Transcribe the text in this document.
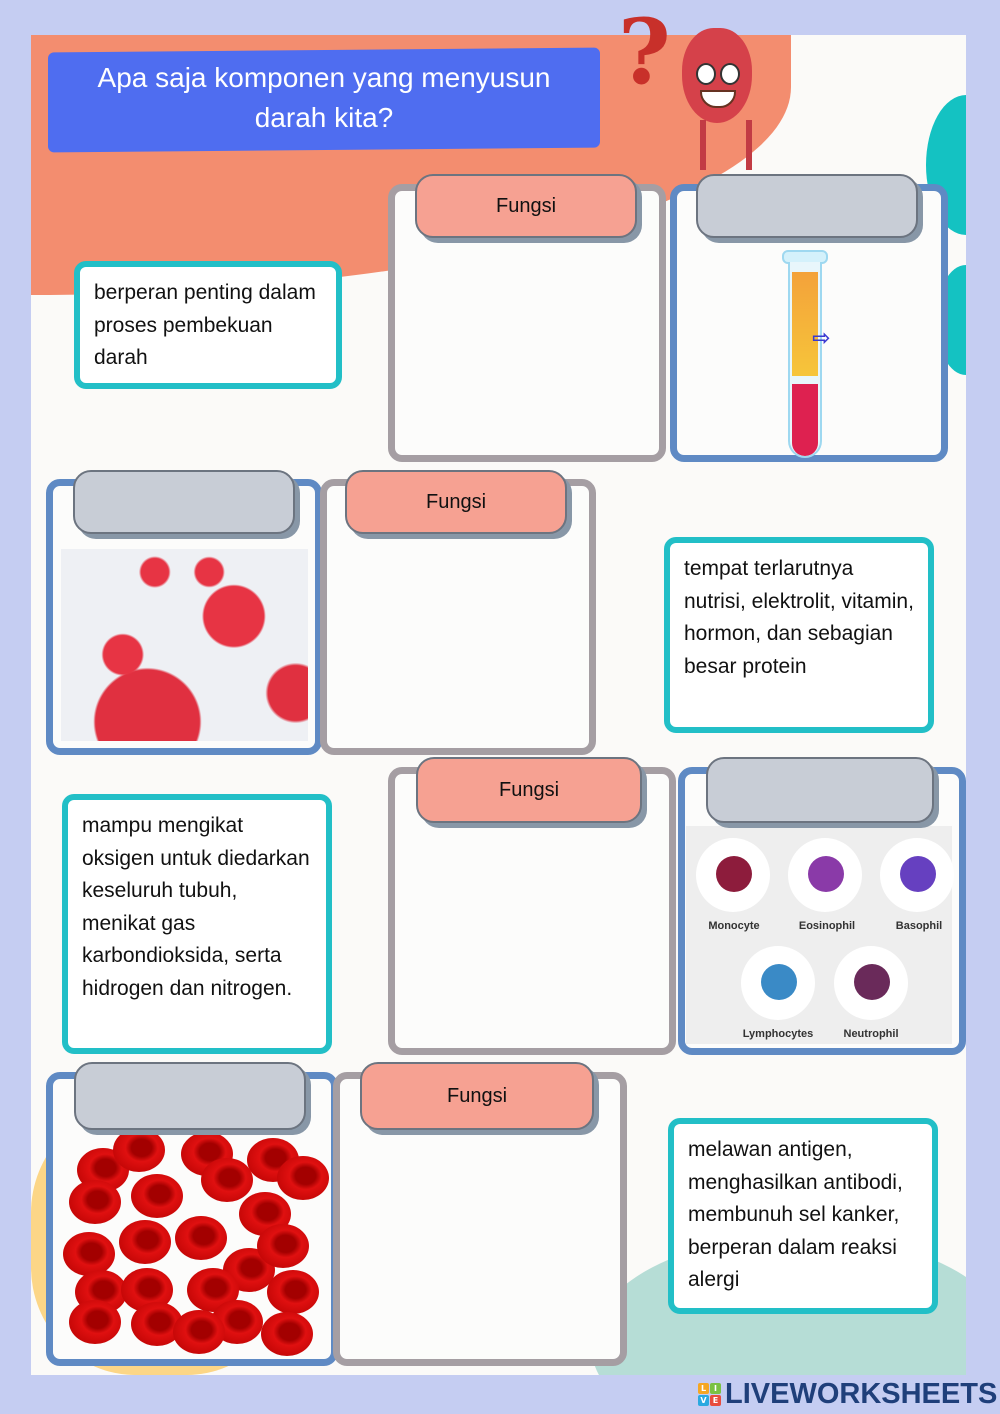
Apa saja komponen yang menyusun
darah kita?
?
berperan penting dalam proses pembekuan darah
Fungsi
⇨
Fungsi
tempat terlarutnya nutrisi, elektrolit, vitamin, hormon, dan sebagian besar protein
mampu mengikat oksigen untuk diedarkan keseluruh tubuh, menikat gas karbondioksida, serta hidrogen dan nitrogen.
Fungsi
Monocyte	Eosinophil	Basophil
Lymphocytes	Neutrophil
Fungsi
melawan antigen, menghasilkan antibodi, membunuh sel kanker, berperan dalam reaksi alergi
L I
V E LIVEWORKSHEETS
